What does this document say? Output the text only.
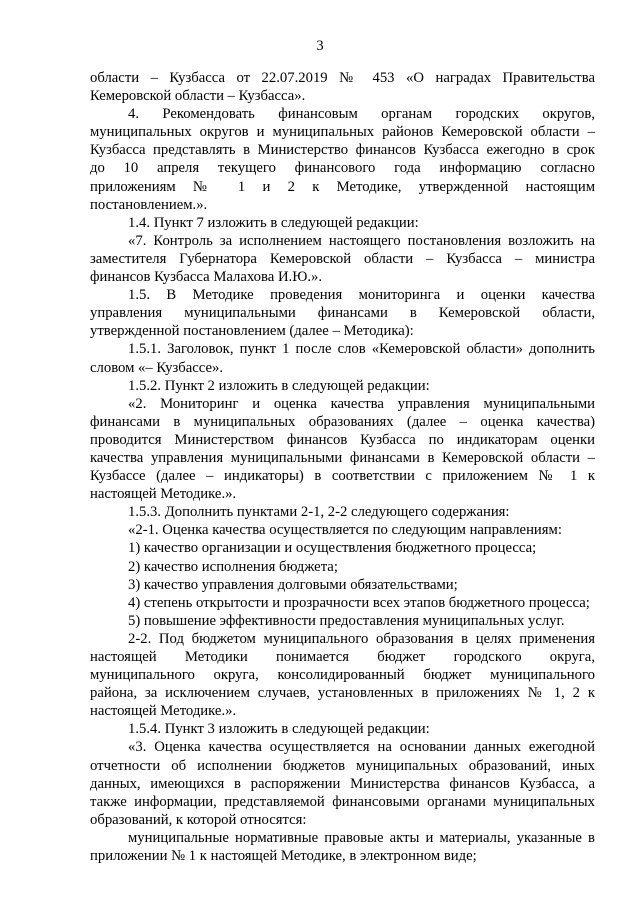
3
области – Кузбасса от 22.07.2019 № 453 «О наградах Правительства
Кемеровской области – Кузбасса».
4. Рекомендовать финансовым органам городских округов,
муниципальных округов и муниципальных районов Кемеровской области –
Кузбасса представлять в Министерство финансов Кузбасса ежегодно в срок
до 10 апреля текущего финансового года информацию согласно
приложениям № 1 и 2 к Методике, утвержденной настоящим
постановлением.».
1.4. Пункт 7 изложить в следующей редакции:
«7. Контроль за исполнением настоящего постановления возложить на
заместителя Губернатора Кемеровской области – Кузбасса – министра
финансов Кузбасса Малахова И.Ю.».
1.5. В Методике проведения мониторинга и оценки качества
управления муниципальными финансами в Кемеровской области,
утвержденной постановлением (далее – Методика):
1.5.1. Заголовок, пункт 1 после слов «Кемеровской области» дополнить
словом «– Кузбассе».
1.5.2. Пункт 2 изложить в следующей редакции:
«2. Мониторинг и оценка качества управления муниципальными
финансами в муниципальных образованиях (далее – оценка качества)
проводится Министерством финансов Кузбасса по индикаторам оценки
качества управления муниципальными финансами в Кемеровской области –
Кузбассе (далее – индикаторы) в соответствии с приложением № 1 к
настоящей Методике.».
1.5.3. Дополнить пунктами 2-1, 2-2 следующего содержания:
«2-1. Оценка качества осуществляется по следующим направлениям:
1) качество организации и осуществления бюджетного процесса;
2) качество исполнения бюджета;
3) качество управления долговыми обязательствами;
4) степень открытости и прозрачности всех этапов бюджетного процесса;
5) повышение эффективности предоставления муниципальных услуг.
2-2. Под бюджетом муниципального образования в целях применения
настоящей Методики понимается бюджет городского округа,
муниципального округа, консолидированный бюджет муниципального
района, за исключением случаев, установленных в приложениях № 1, 2 к
настоящей Методике.».
1.5.4. Пункт 3 изложить в следующей редакции:
«3. Оценка качества осуществляется на основании данных ежегодной
отчетности об исполнении бюджетов муниципальных образований, иных
данных, имеющихся в распоряжении Министерства финансов Кузбасса, а
также информации, представляемой финансовыми органами муниципальных
образований, к которой относятся:
муниципальные нормативные правовые акты и материалы, указанные в
приложении № 1 к настоящей Методике, в электронном виде;
